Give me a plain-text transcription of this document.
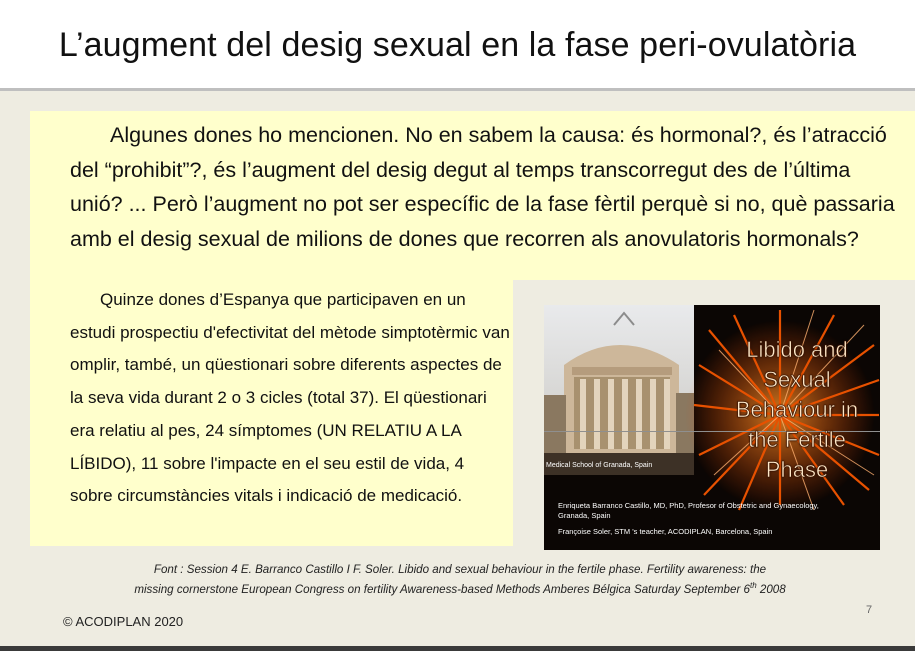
L’augment del desig sexual en la fase peri-ovulatòria
Algunes dones ho mencionen. No en sabem la causa: és hormonal?, és l’atracció del “prohibit”?, és l’augment del desig degut al temps transcorregut des de l’última unió? ... Però l’augment no pot ser específic de la fase fèrtil perquè si no, què passaria amb el desig sexual de milions de dones que recorren als anovulatoris hormonals?
Quinze dones d’Espanya que participaven en un estudi prospectiu d'efectivitat del mètode simptotèrmic van omplir, també, un qüestionari sobre diferents aspectes de la seva vida durant 2 o 3 cicles (total 37). El qüestionari era relatiu al pes, 24 símptomes (UN RELATIU A LA LÍBIDO), 11 sobre l'impacte en el seu estil de vida, 4 sobre circumstàncies vitals i indicació de medicació.
Libido and
Sexual
Behaviour in
the Fertile
Phase
Medical School of Granada, Spain
Enriqueta Barranco Castillo, MD, PhD, Profesor of Obstetric and Gynaecology,
Granada, Spain
Françoise Soler, STM 's teacher, ACODIPLAN, Barcelona, Spain
Font : Session 4 E. Barranco Castillo I F. Soler. Libido and sexual behaviour in the fertile phase. Fertility awareness: the
missing cornerstone European Congress on fertility Awareness-based Methods Amberes Bélgica Saturday September 6th 2008
© ACODIPLAN 2020
7
